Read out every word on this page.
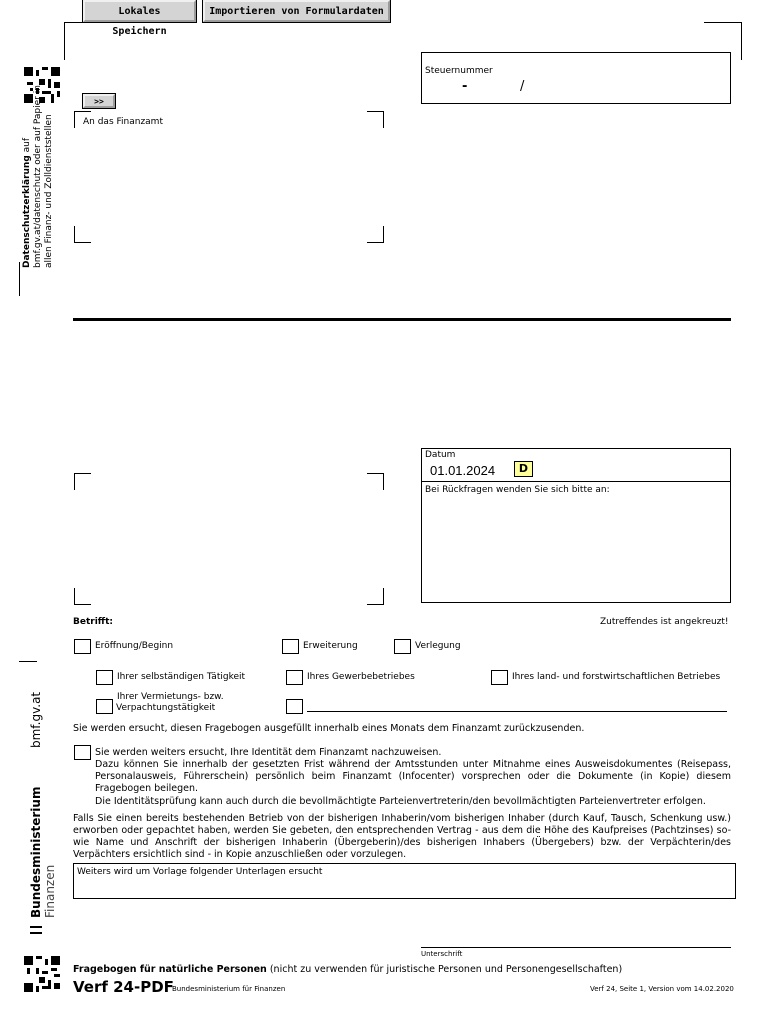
Lokales Speichern
Importieren von Formulardaten
Datenschutzerklärung auf bmf.gv.at/datenschutz oder auf Papier in allen Finanz- und Zolldienststellen
bmf.gv.at
Bundesministerium Finanzen
>>
Steuernummer
-	/
An das Finanzamt
Datum
01.01.2024	D
Bei Rückfragen wenden Sie sich bitte an:
Betrifft:	Zutreffendes ist angekreuzt!
Eröffnung/Beginn	Erweiterung	Verlegung
Ihrer selbständigen Tätigkeit	Ihres Gewerbebetriebes	Ihres land- und forstwirtschaftlichen Betriebes
Ihrer Vermietungs- bzw.
Verpachtungstätigkeit
Sie werden ersucht, diesen Fragebogen ausgefüllt innerhalb eines Monats dem Finanzamt zurückzusenden.
Sie werden weiters ersucht, Ihre Identität dem Finanzamt nachzuweisen.
Dazu können Sie innerhalb der gesetzten Frist während der Amtsstunden unter Mitnahme eines Ausweisdokumentes (Reisepass, Personalausweis, Führerschein) persönlich beim Finanzamt (Infocenter) vorsprechen oder die Dokumente (in Kopie) diesem Fragebogen beilegen.
Die Identitätsprüfung kann auch durch die bevollmächtigte Parteienvertreterin/den bevollmächtigten Parteienvertreter erfolgen.
Falls Sie einen bereits bestehenden Betrieb von der bisherigen Inhaberin/vom bisherigen Inhaber (durch Kauf, Tausch, Schenkung usw.) erworben oder gepachtet haben, werden Sie gebeten, den entsprechenden Vertrag - aus dem die Höhe des Kaufpreises (Pachtzinses) so-wie Name und Anschrift der bisherigen Inhaberin (Übergeberin)/des bisherigen Inhabers (Übergebers) bzw. der Verpächterin/des Verpächters ersichtlich sind - in Kopie anzuschließen oder vorzulegen.
Weiters wird um Vorlage folgender Unterlagen ersucht
Unterschrift
Fragebogen für natürliche Personen (nicht zu verwenden für juristische Personen und Personengesellschaften)
Verf 24-PDF
Bundesministerium für Finanzen	Verf 24, Seite 1, Version vom 14.02.2020
